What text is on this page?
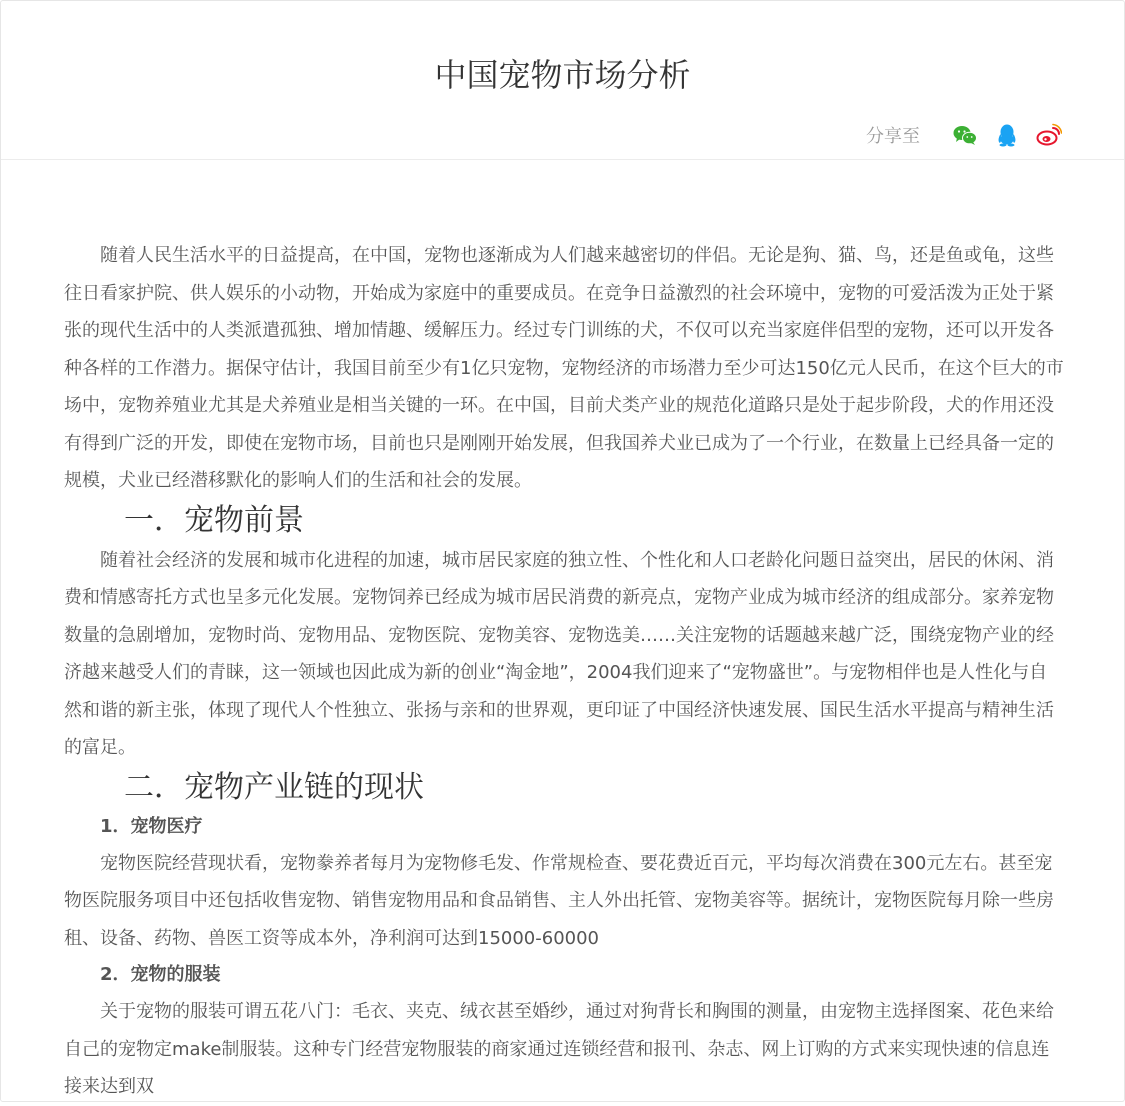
中国宠物市场分析
分享至

随着人民生活水平的日益提高，在中国，宠物也逐渐成为人们越来越密切的伴侣。无论是狗、猫、鸟，还是鱼或龟，这些往日看家护院、供人娱乐的小动物，开始成为家庭中的重要成员。在竞争日益激烈的社会环境中，宠物的可爱活泼为正处于紧张的现代生活中的人类派遣孤独、增加情趣、缓解压力。经过专门训练的犬，不仅可以充当家庭伴侣型的宠物，还可以开发各种各样的工作潜力。据保守估计，我国目前至少有1亿只宠物，宠物经济的市场潜力至少可达150亿元人民币，在这个巨大的市场中，宠物养殖业尤其是犬养殖业是相当关键的一环。在中国，目前犬类产业的规范化道路只是处于起步阶段，犬的作用还没有得到广泛的开发，即使在宠物市场，目前也只是刚刚开始发展，但我国养犬业已成为了一个行业，在数量上已经具备一定的规模，犬业已经潜移默化的影响人们的生活和社会的发展。

一．宠物前景

随着社会经济的发展和城市化进程的加速，城市居民家庭的独立性、个性化和人口老龄化问题日益突出，居民的休闲、消费和情感寄托方式也呈多元化发展。宠物饲养已经成为城市居民消费的新亮点，宠物产业成为城市经济的组成部分。家养宠物数量的急剧增加，宠物时尚、宠物用品、宠物医院、宠物美容、宠物选美……关注宠物的话题越来越广泛，围绕宠物产业的经济越来越受人们的青睐，这一领域也因此成为新的创业“淘金地”，2004我们迎来了“宠物盛世”。与宠物相伴也是人性化与自然和谐的新主张，体现了现代人个性独立、张扬与亲和的世界观，更印证了中国经济快速发展、国民生活水平提高与精神生活的富足。

二．宠物产业链的现状
1．宠物医疗

宠物医院经营现状看，宠物豢养者每月为宠物修毛发、作常规检查、要花费近百元，平均每次消费在300元左右。甚至宠物医院服务项目中还包括收售宠物、销售宠物用品和食品销售、主人外出托管、宠物美容等。据统计，宠物医院每月除一些房租、设备、药物、兽医工资等成本外，净利润可达到15000-60000

2．宠物的服装

关于宠物的服装可谓五花八门：毛衣、夹克、绒衣甚至婚纱，通过对狗背长和胸围的测量，由宠物主选择图案、花色来给自己的宠物定make制服装。这种专门经营宠物服装的商家通过连锁经营和报刊、杂志、网上订购的方式来实现快速的信息连接来达到双
